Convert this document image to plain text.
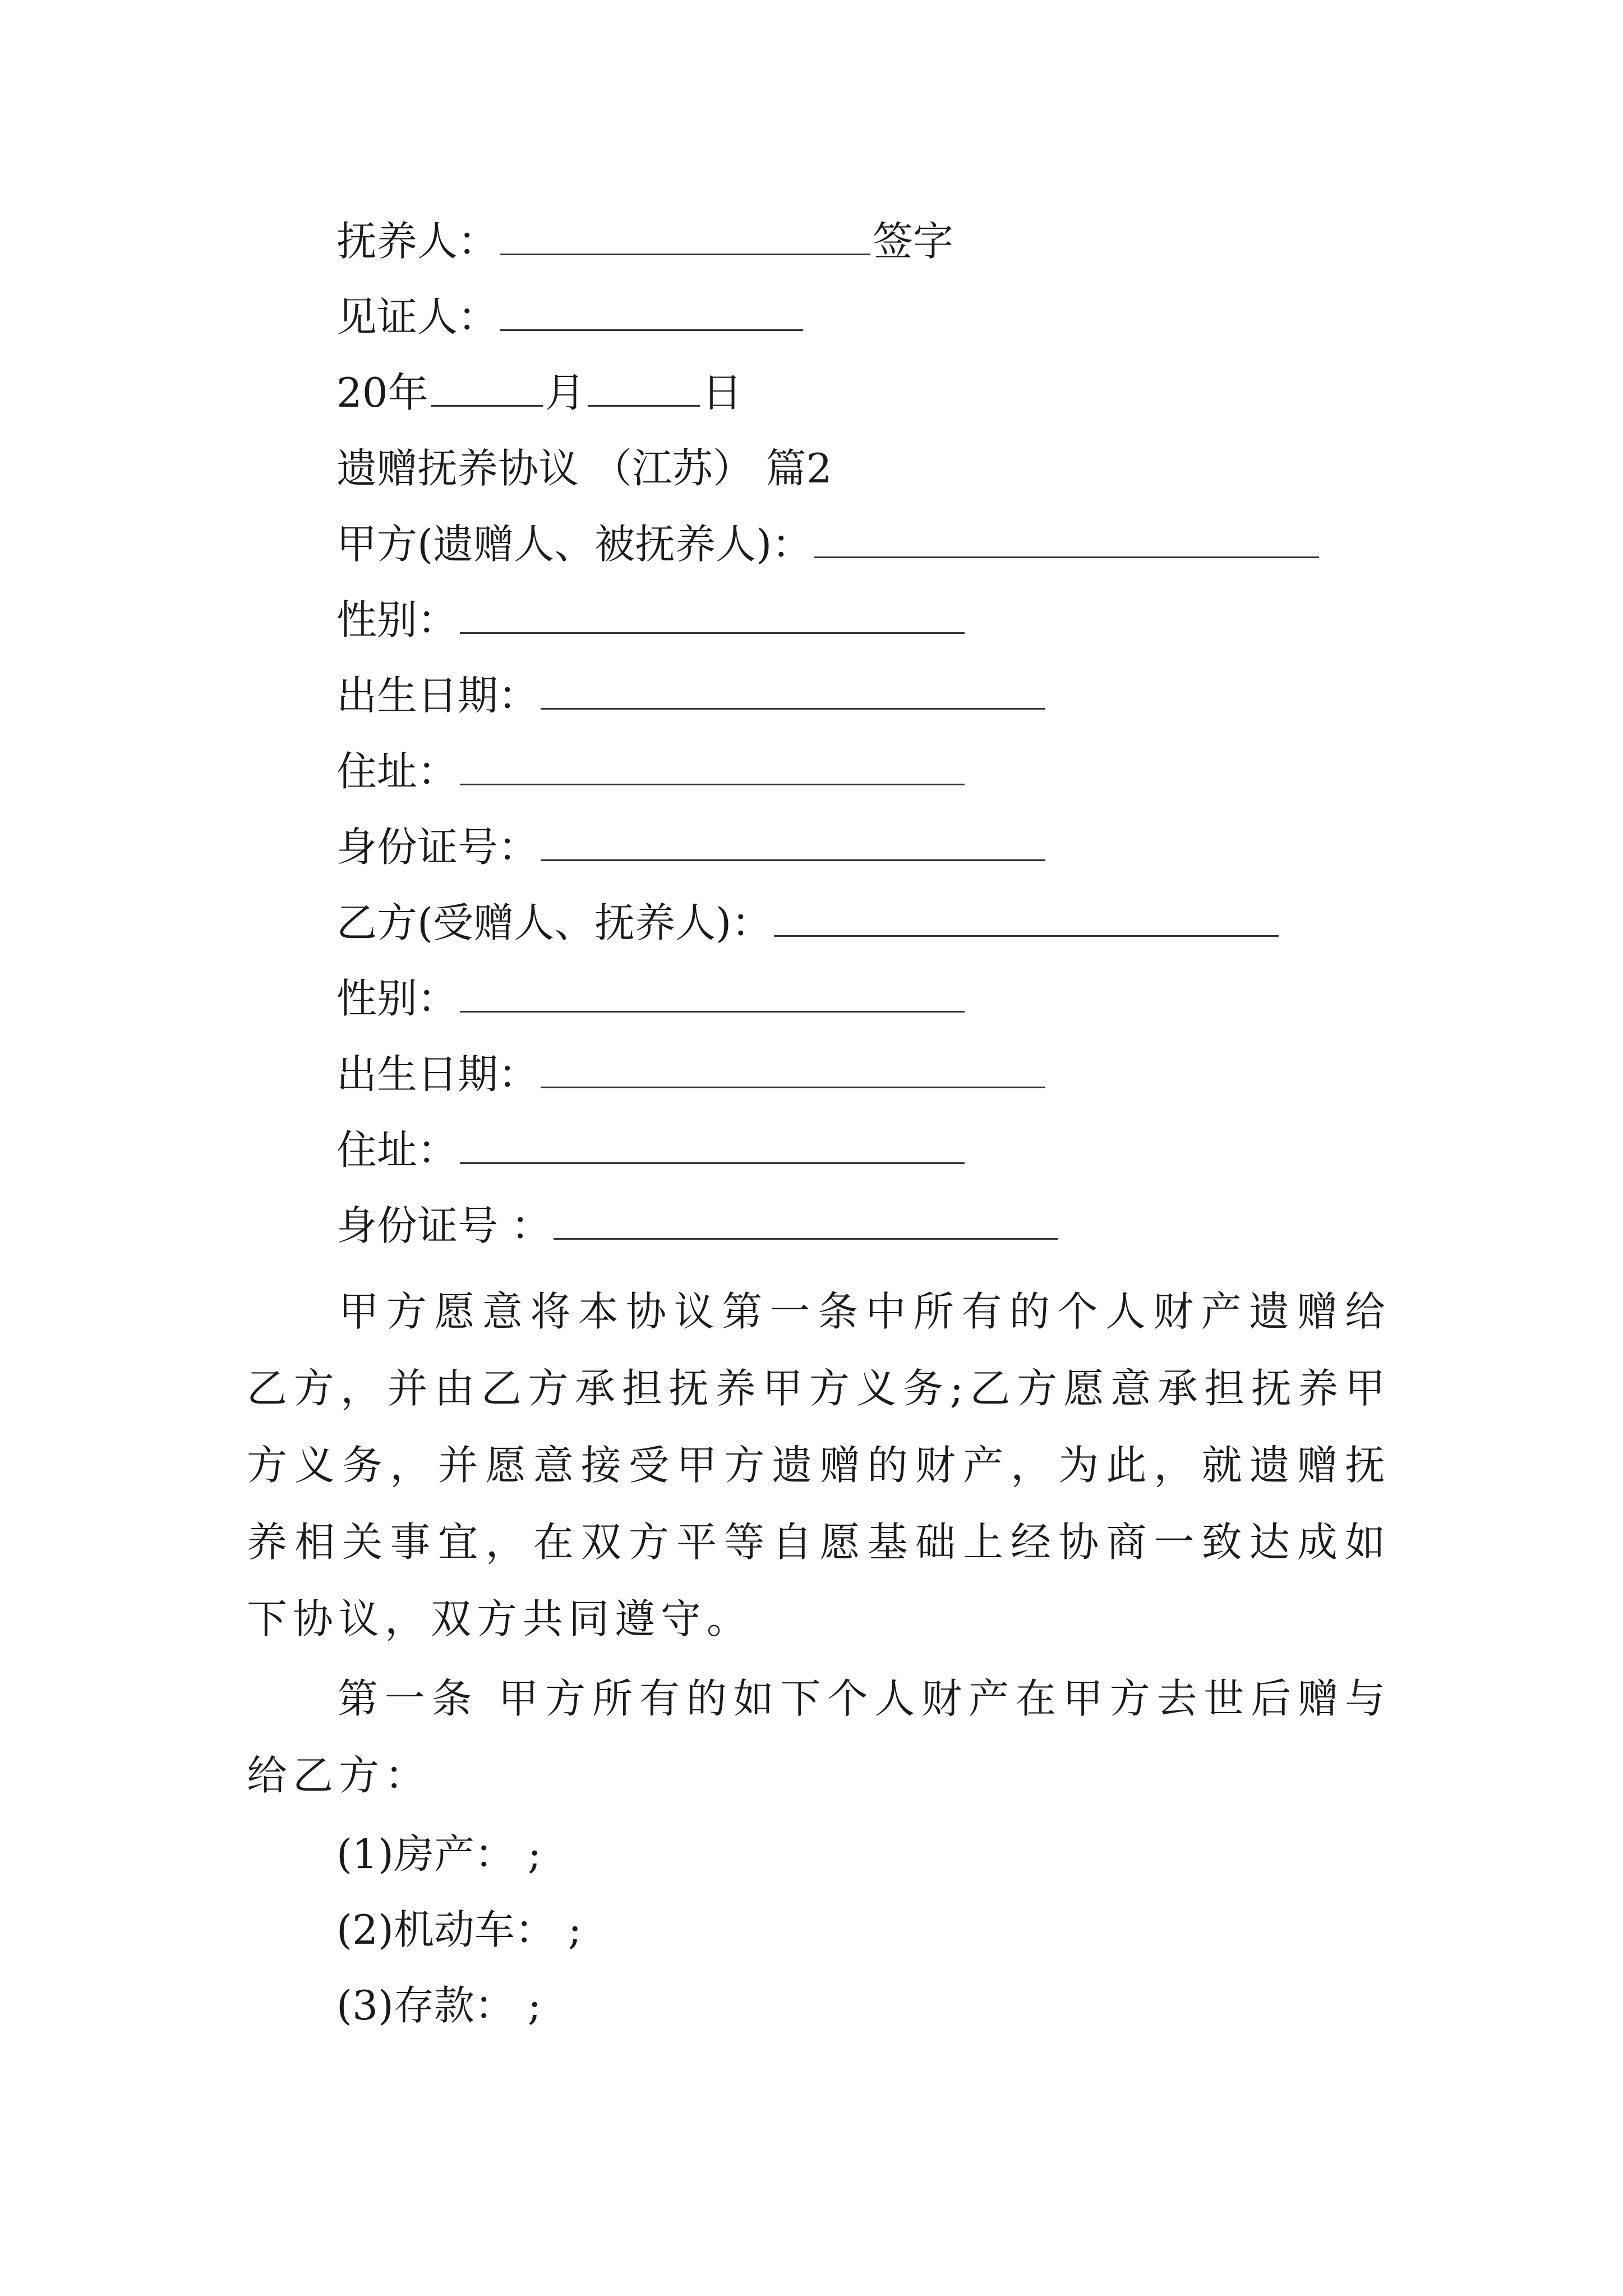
抚养人：	签字
见证人：
20年	月	日
遗赠抚养协议 （江苏） 篇2
甲方(遗赠人、被抚养人)：
性别：
出生日期：
住址：
身份证号：
乙方(受赠人、抚养人)：
性别：
出生日期：
住址：
身份证号 ：
甲方愿意将本协议第一条中所有的个人财产遗赠给乙方，并由乙方承担抚养甲方义务;乙方愿意承担抚养甲方义务，并愿意接受甲方遗赠的财产，为此，就遗赠抚养相关事宜，在双方平等自愿基础上经协商一致达成如下协议，双方共同遵守。
第一条 甲方所有的如下个人财产在甲方去世后赠与给乙方：
(1)房产： ;
(2)机动车： ;
(3)存款： ;
